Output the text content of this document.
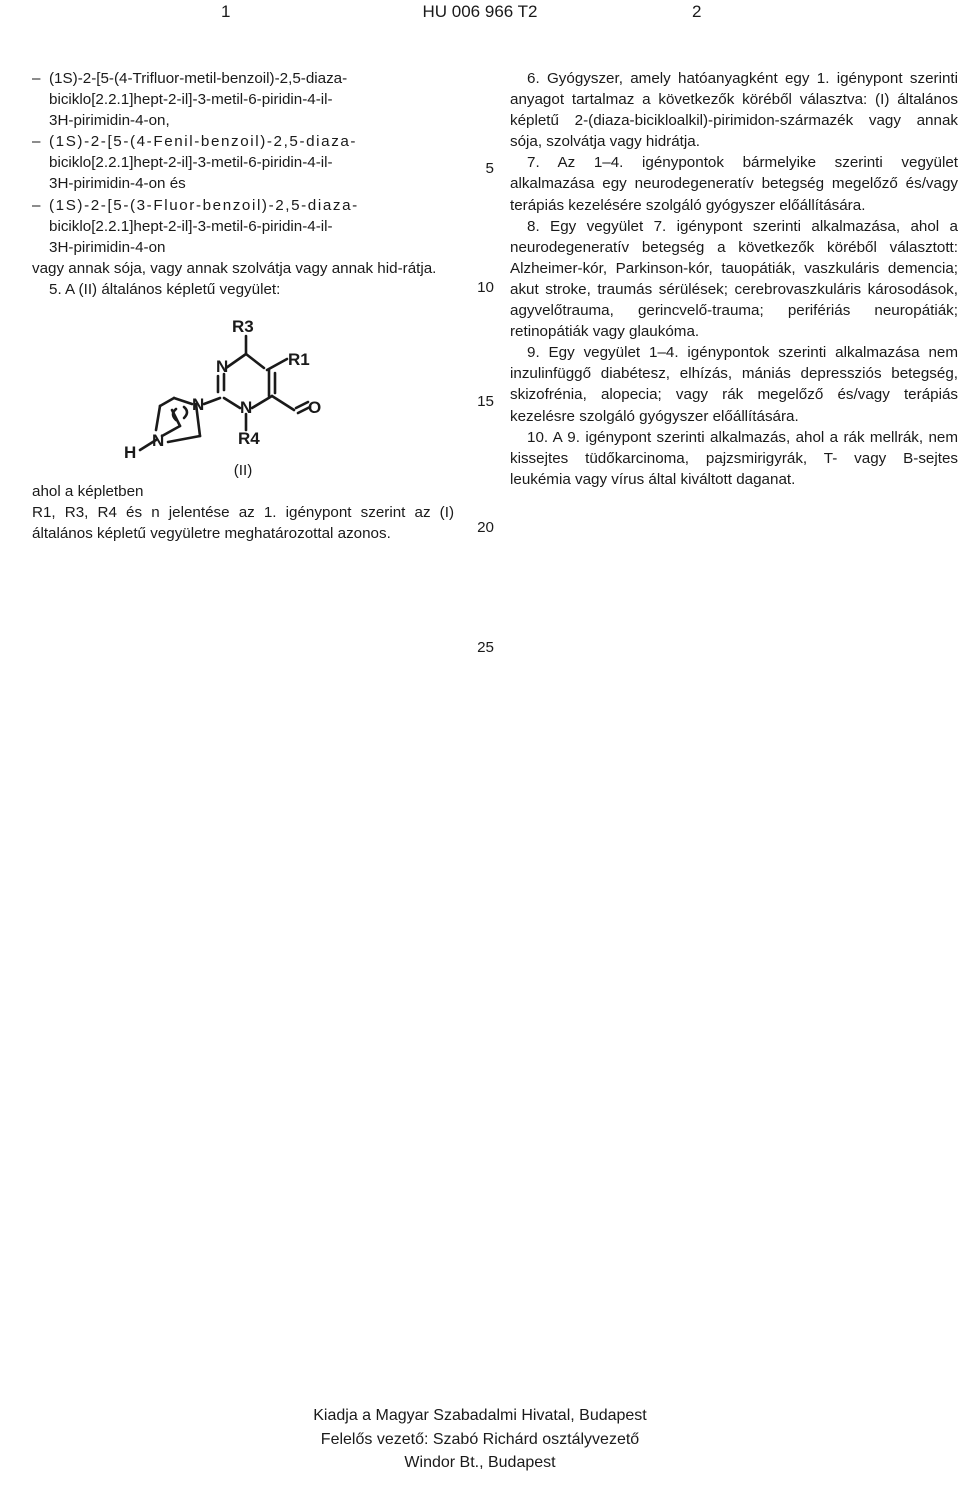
1	HU 006 966 T2	2
– (1S)-2-[5-(4-Trifluor-metil-benzoil)-2,5-diaza-
biciklo[2.2.1]hept-2-il]-3-metil-6-piridin-4-il-
3H-pirimidin-4-on,
– (1S)-2-[5-(4-Fenil-benzoil)-2,5-diaza-
biciklo[2.2.1]hept-2-il]-3-metil-6-piridin-4-il-
3H-pirimidin-4-on és
– (1S)-2-[5-(3-Fluor-benzoil)-2,5-diaza-
biciklo[2.2.1]hept-2-il]-3-metil-6-piridin-4-il-
3H-pirimidin-4-on

vagy annak sója, vagy annak szolvátja vagy annak hid-rátja.

5. A (II) általános képletű vegyület:

R3
R1
N
N	O
R4
N
N
H

(II)

ahol a képletben

R1, R3, R4 és n jelentése az 1. igénypont szerint az (I) általános képletű vegyületre meghatározottal azonos.

5
10
15
20
25

6. Gyógyszer, amely hatóanyagként egy 1. igénypont szerinti anyagot tartalmaz a következők köréből választva: (I) általános képletű 2-(diaza-bicikloalkil)-pirimidon-származék vagy annak sója, szolvátja vagy hidrátja.

7. Az 1–4. igénypontok bármelyike szerinti vegyület alkalmazása egy neurodegeneratív betegség megelőző és/vagy terápiás kezelésére szolgáló gyógyszer előállítására.

8. Egy vegyület 7. igénypont szerinti alkalmazása, ahol a neurodegeneratív betegség a következők köréből választott: Alzheimer-kór, Parkinson-kór, tauopátiák, vaszkuláris demencia; akut stroke, traumás sérülések; cerebrovaszkuláris károsodások, agyvelőtrauma, gerincvelő-trauma; perifériás neuropátiák; retinopátiák vagy glaukóma.

9. Egy vegyület 1–4. igénypontok szerinti alkalmazása nem inzulinfüggő diabétesz, elhízás, mániás depressziós betegség, skizofrénia, alopecia; vagy rák megelőző és/vagy terápiás kezelésre szolgáló gyógyszer előállítására.

10. A 9. igénypont szerinti alkalmazás, ahol a rák mellrák, nem kissejtes tüdőkarcinoma, pajzsmirigyrák, T- vagy B-sejtes leukémia vagy vírus által kiváltott daganat.

Kiadja a Magyar Szabadalmi Hivatal, Budapest
Felelős vezető: Szabó Richárd osztályvezető
Windor Bt., Budapest
